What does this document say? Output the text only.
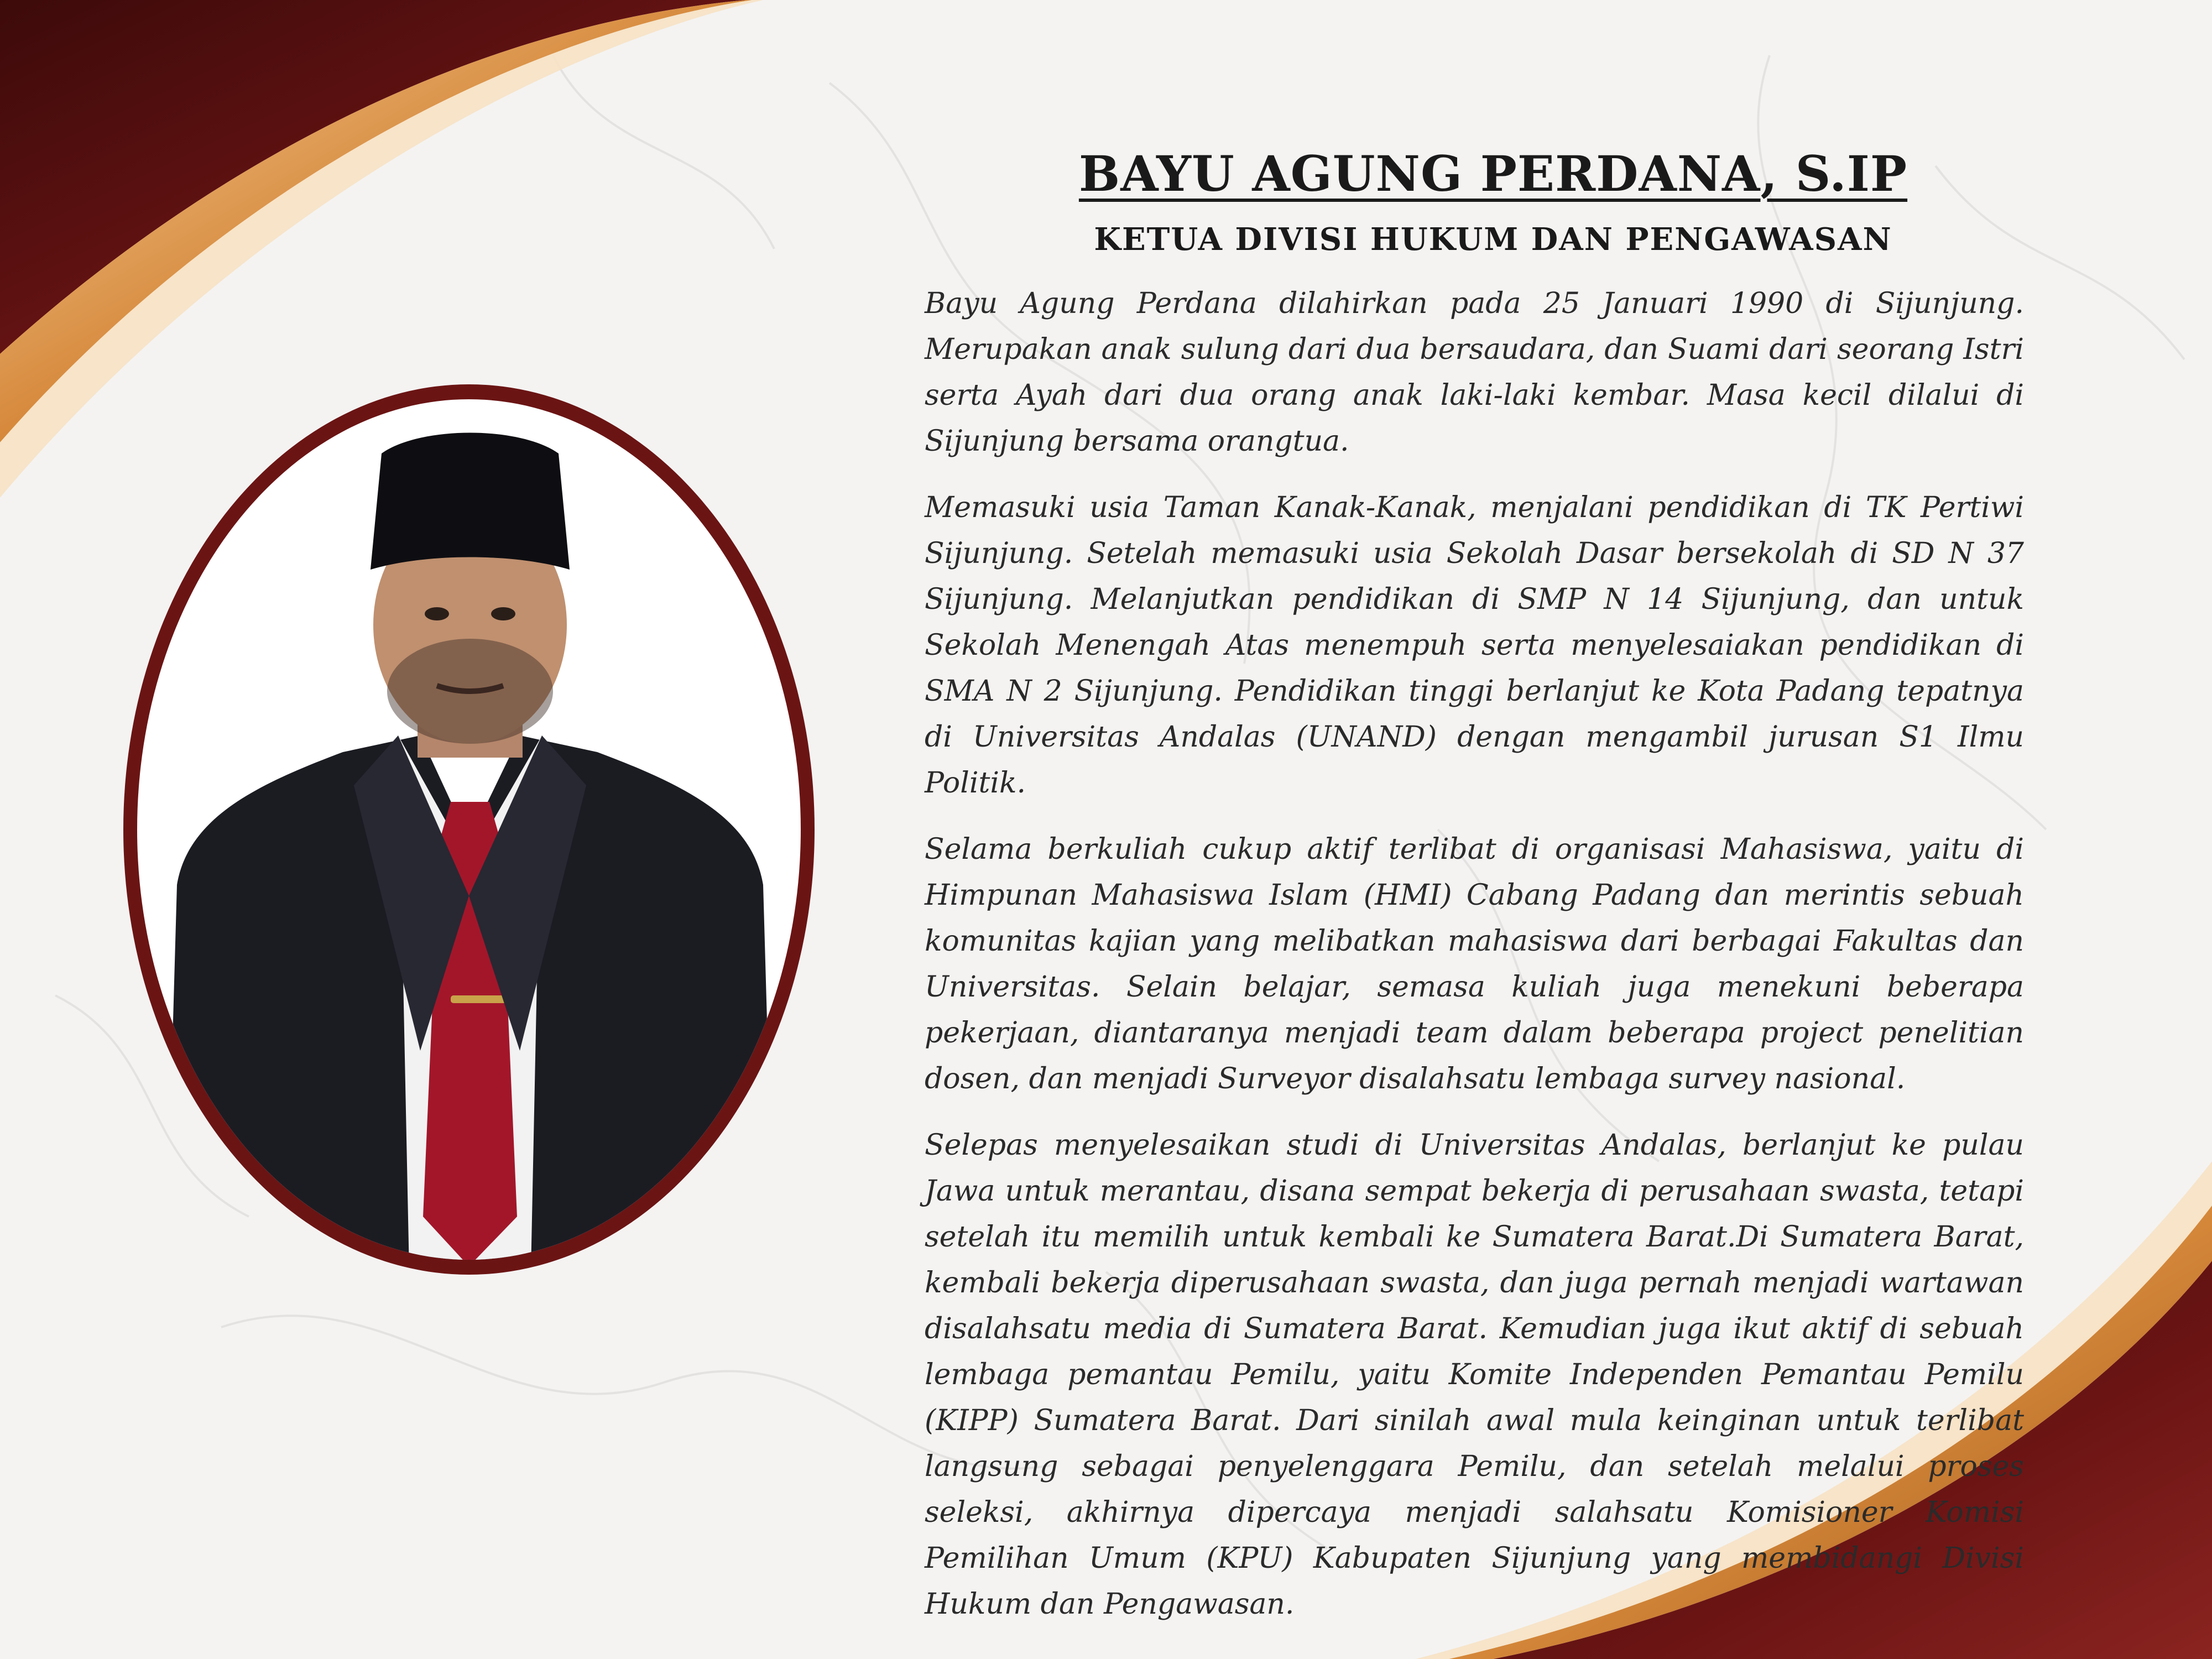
BAYU AGUNG PERDANA, S.IP
KETUA DIVISI HUKUM DAN PENGAWASAN

Bayu Agung Perdana dilahirkan pada 25 Januari 1990 di Sijunjung. Merupakan anak sulung dari dua bersaudara, dan Suami dari seorang Istri serta Ayah dari dua orang anak laki-laki kembar. Masa kecil dilalui di Sijunjung bersama orangtua.

Memasuki usia Taman Kanak-Kanak, menjalani pendidikan di TK Pertiwi Sijunjung. Setelah memasuki usia Sekolah Dasar bersekolah di SD N 37 Sijunjung. Melanjutkan pendidikan di SMP N 14 Sijunjung, dan untuk Sekolah Menengah Atas menempuh serta menyelesaiakan pendidikan di SMA N 2 Sijunjung. Pendidikan tinggi berlanjut ke Kota Padang tepatnya di Universitas Andalas (UNAND) dengan mengambil jurusan S1 Ilmu Politik.

Selama berkuliah cukup aktif terlibat di organisasi Mahasiswa, yaitu di Himpunan Mahasiswa Islam (HMI) Cabang Padang dan merintis sebuah komunitas kajian yang melibatkan mahasiswa dari berbagai Fakultas dan Universitas. Selain belajar, semasa kuliah juga menekuni beberapa pekerjaan, diantaranya menjadi team dalam beberapa project penelitian dosen, dan menjadi Surveyor disalahsatu lembaga survey nasional.

Selepas menyelesaikan studi di Universitas Andalas, berlanjut ke pulau Jawa untuk merantau, disana sempat bekerja di perusahaan swasta, tetapi setelah itu memilih untuk kembali ke Sumatera Barat.Di Sumatera Barat, kembali bekerja diperusahaan swasta, dan juga pernah menjadi wartawan disalahsatu media di Sumatera Barat. Kemudian juga ikut aktif di sebuah lembaga pemantau Pemilu, yaitu Komite Independen Pemantau Pemilu (KIPP) Sumatera Barat. Dari sinilah awal mula keinginan untuk terlibat langsung sebagai penyelenggara Pemilu, dan setelah melalui proses seleksi, akhirnya dipercaya menjadi salahsatu Komisioner Komisi Pemilihan Umum (KPU) Kabupaten Sijunjung yang membidangi Divisi Hukum dan Pengawasan.
